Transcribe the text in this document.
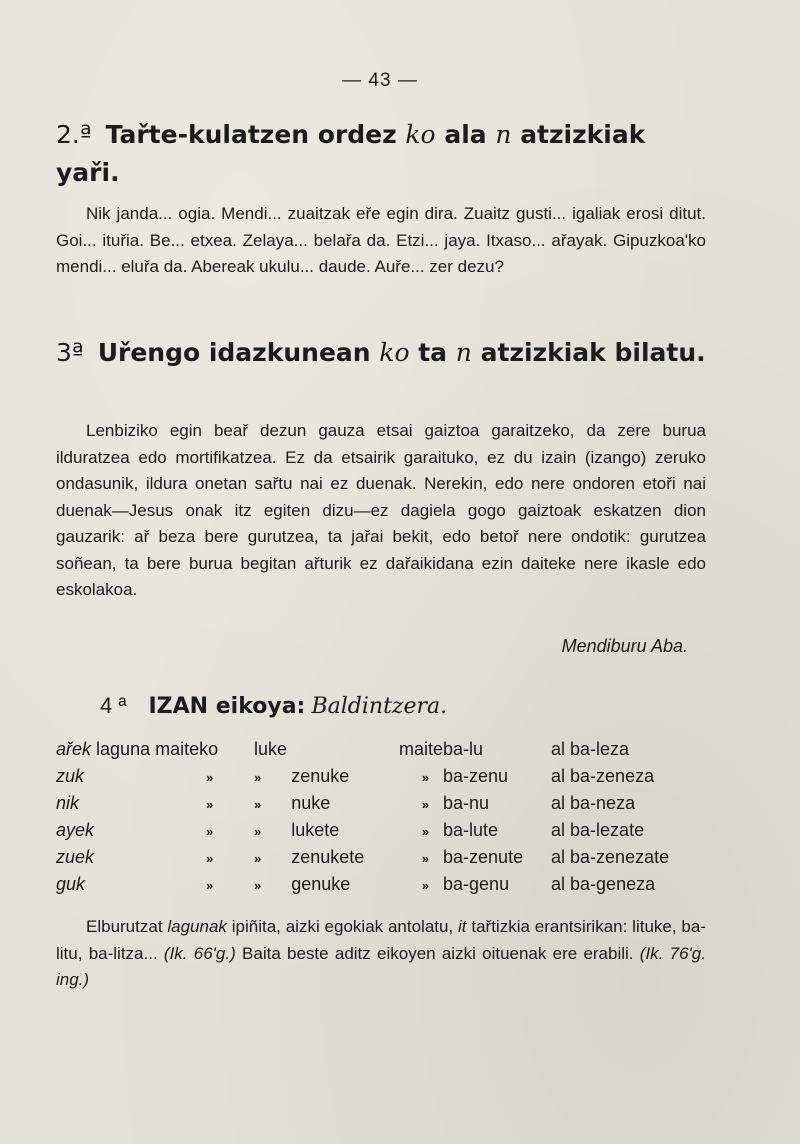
— 43 —
2.ª Tařte-kulatzen ordez ko ala n atzizkiak yaři.

Nik janda... ogia. Mendi... zuaitzak eře egin dira. Zuaitz gusti... igaliak erosi ditut. Goi... ituřia. Be... etxea. Zelaya... belařa da. Etzi... jaya. Itxaso... ařayak. Gipuzkoa'ko mendi... eluřa da. Abereak ukulu... daude. Auře... zer dezu?

3ª Uřengo idazkunean ko ta n atzizkiak bilatu.

Lenbiziko egin beař dezun gauza etsai gaiztoa garaitzeko, da zere burua ilduratzea edo mortifikatzea. Ez da etsairik garaituko, ez du izain (izango) zeruko ondasunik, ildura onetan sařtu nai ez duenak. Nerekin, edo nere ondoren etoři nai duenak—Jesus onak itz egiten dizu—ez dagiela gogo gaiztoak eskatzen dion gauzarik: ař beza bere gurutzea, ta jařai bekit, edo betoř nere ondotik: gurutzea soñean, ta bere burua begitan ařturik ez dařaikidana ezin daiteke nere ikasle edo eskolakoa.

Mendiburu Aba.
4 ª IZAN eikoya: Baldintzera.
ařek laguna maiteko		luke	maite	ba-lu	al ba-leza
zuk	»	» zenuke	»	ba-zenu	al ba-zeneza
nik	»	» nuke	»	ba-nu	al ba-neza
ayek	»	» lukete	»	ba-lute	al ba-lezate
zuek	»	» zenukete	»	ba-zenute	al ba-zenezate
guk	»	» genuke	»	ba-genu	al ba-geneza

Elburutzat lagunak ipiñita, aizki egokiak antolatu, it tařtizkia erantsirikan: lituke, ba-litu, ba-litza... (Ik. 66'g.) Baita beste aditz eikoyen aizki oituenak ere erabili. (Ik. 76'g. ing.)
